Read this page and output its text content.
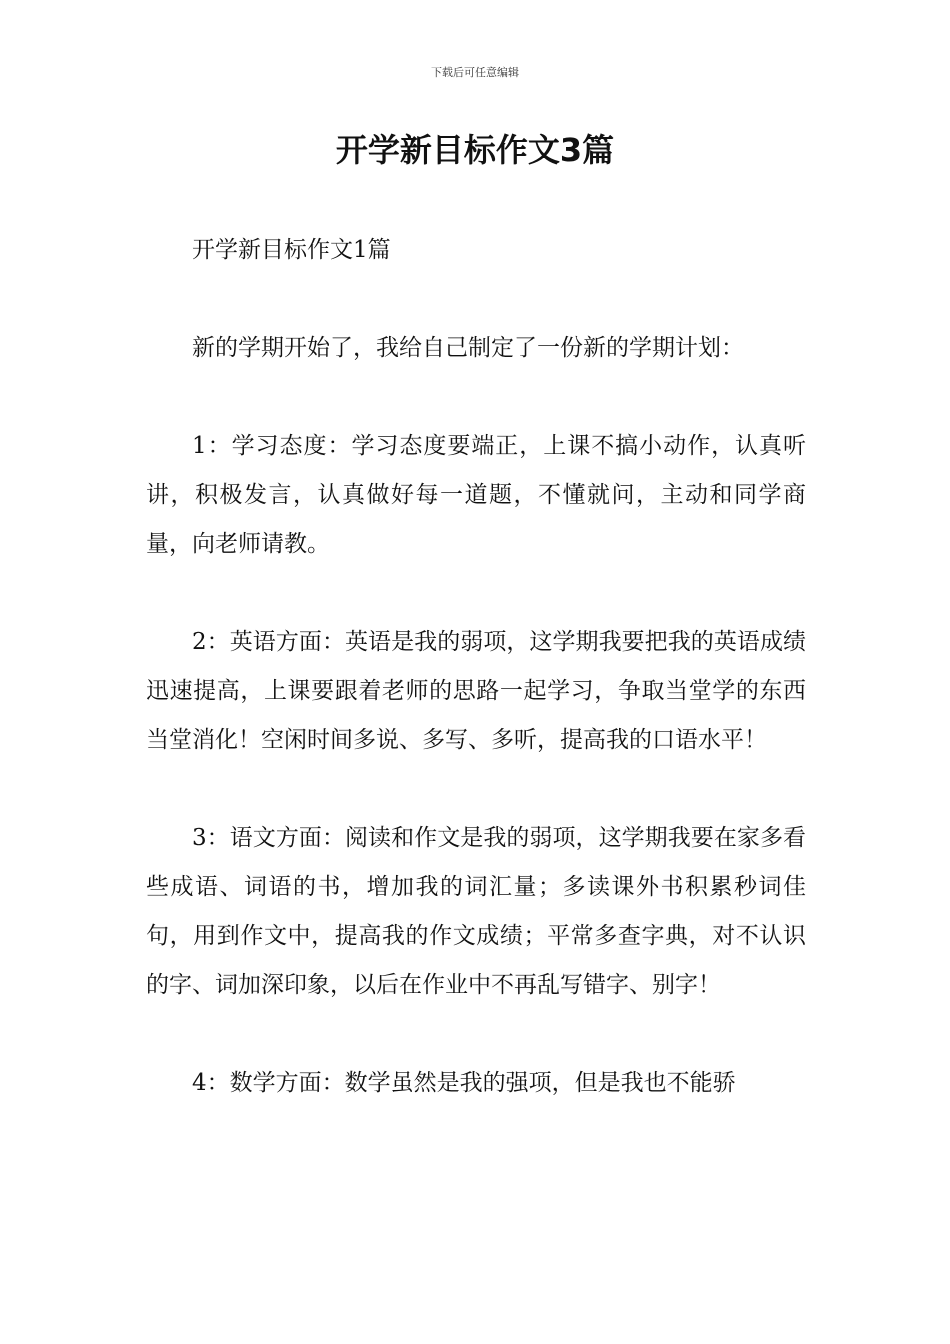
下载后可任意编辑
开学新目标作文3篇

开学新目标作文1篇

新的学期开始了，我给自己制定了一份新的学期计划：

1：学习态度：学习态度要端正，上课不搞小动作，认真听讲，积极发言，认真做好每一道题，不懂就问，主动和同学商量，向老师请教。

2：英语方面：英语是我的弱项，这学期我要把我的英语成绩迅速提高，上课要跟着老师的思路一起学习，争取当堂学的东西当堂消化！空闲时间多说、多写、多听，提高我的口语水平！

3：语文方面：阅读和作文是我的弱项，这学期我要在家多看些成语、词语的书，增加我的词汇量；多读课外书积累秒词佳句，用到作文中，提高我的作文成绩；平常多查字典，对不认识的字、词加深印象，以后在作业中不再乱写错字、别字！

4：数学方面：数学虽然是我的强项，但是我也不能骄
